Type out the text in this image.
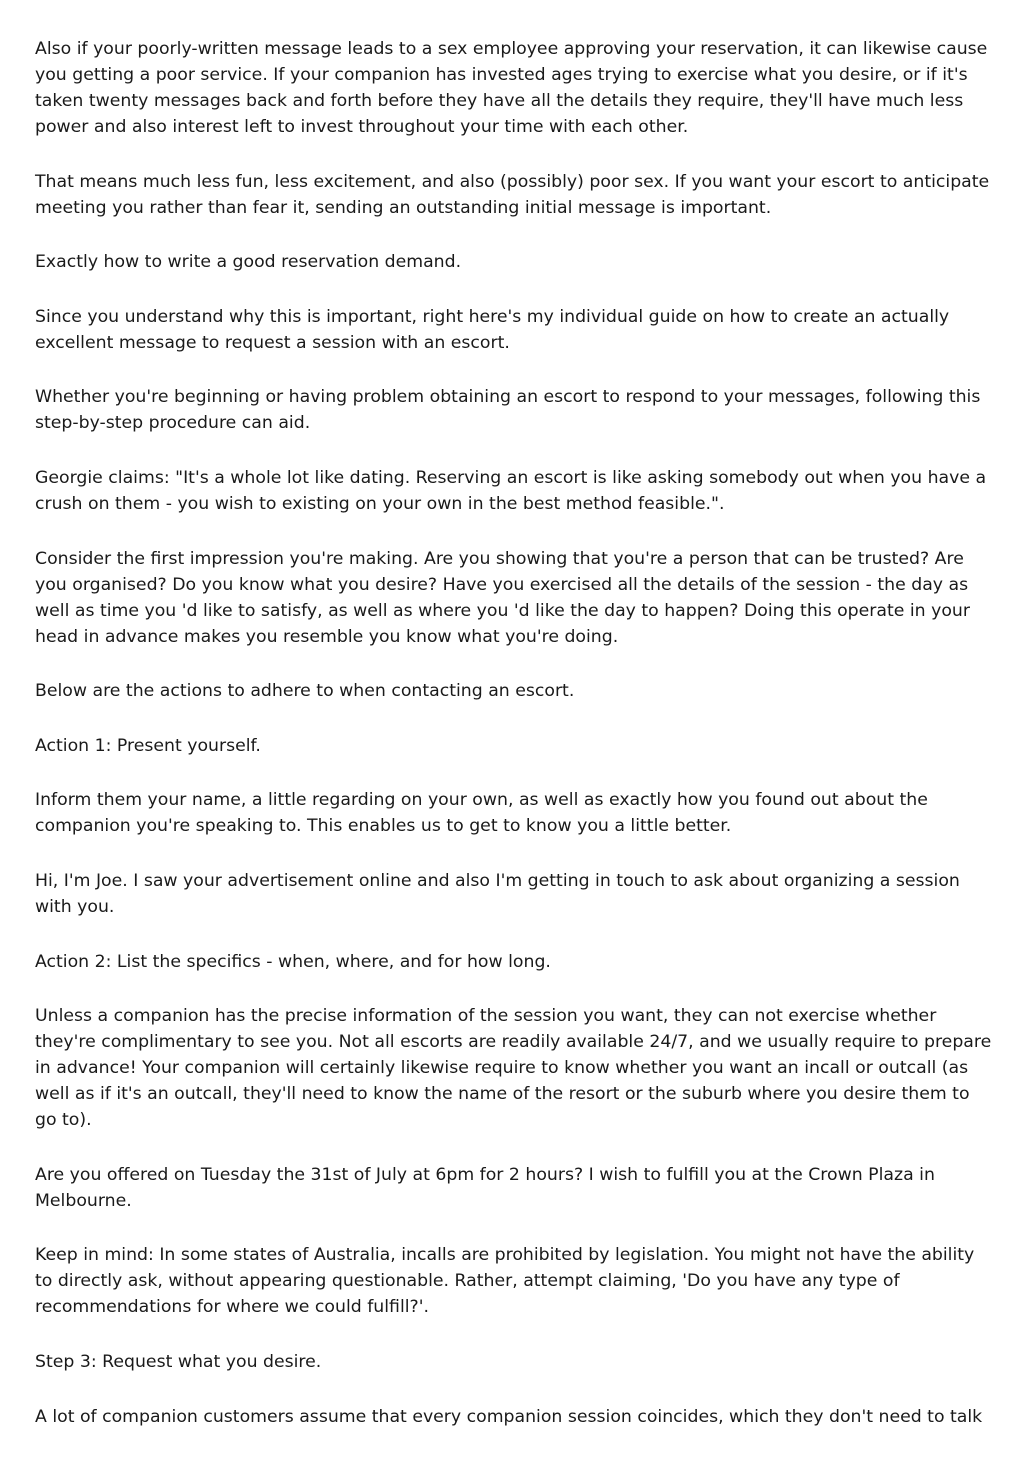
Also if your poorly-written message leads to a sex employee approving your reservation, it can likewise cause you getting a poor service. If your companion has invested ages trying to exercise what you desire, or if it's taken twenty messages back and forth before they have all the details they require, they'll have much less power and also interest left to invest throughout your time with each other.

That means much less fun, less excitement, and also (possibly) poor sex. If you want your escort to anticipate meeting you rather than fear it, sending an outstanding initial message is important.

Exactly how to write a good reservation demand.

Since you understand why this is important, right here's my individual guide on how to create an actually excellent message to request a session with an escort.

Whether you're beginning or having problem obtaining an escort to respond to your messages, following this step-by-step procedure can aid.

Georgie claims: "It's a whole lot like dating. Reserving an escort is like asking somebody out when you have a crush on them - you wish to existing on your own in the best method feasible.".

Consider the first impression you're making. Are you showing that you're a person that can be trusted? Are you organised? Do you know what you desire? Have you exercised all the details of the session - the day as well as time you 'd like to satisfy, as well as where you 'd like the day to happen? Doing this operate in your head in advance makes you resemble you know what you're doing.

Below are the actions to adhere to when contacting an escort.

Action 1: Present yourself.

Inform them your name, a little regarding on your own, as well as exactly how you found out about the companion you're speaking to. This enables us to get to know you a little better.

Hi, I'm Joe. I saw your advertisement online and also I'm getting in touch to ask about organizing a session with you.

Action 2: List the specifics - when, where, and for how long.

Unless a companion has the precise information of the session you want, they can not exercise whether they're complimentary to see you. Not all escorts are readily available 24/7, and we usually require to prepare in advance! Your companion will certainly likewise require to know whether you want an incall or outcall (as well as if it's an outcall, they'll need to know the name of the resort or the suburb where you desire them to go to).

Are you offered on Tuesday the 31st of July at 6pm for 2 hours? I wish to fulfill you at the Crown Plaza in Melbourne.

Keep in mind: In some states of Australia, incalls are prohibited by legislation. You might not have the ability to directly ask, without appearing questionable. Rather, attempt claiming, 'Do you have any type of recommendations for where we could fulfill?'.

Step 3: Request what you desire.

A lot of companion customers assume that every companion session coincides, which they don't need to talk
